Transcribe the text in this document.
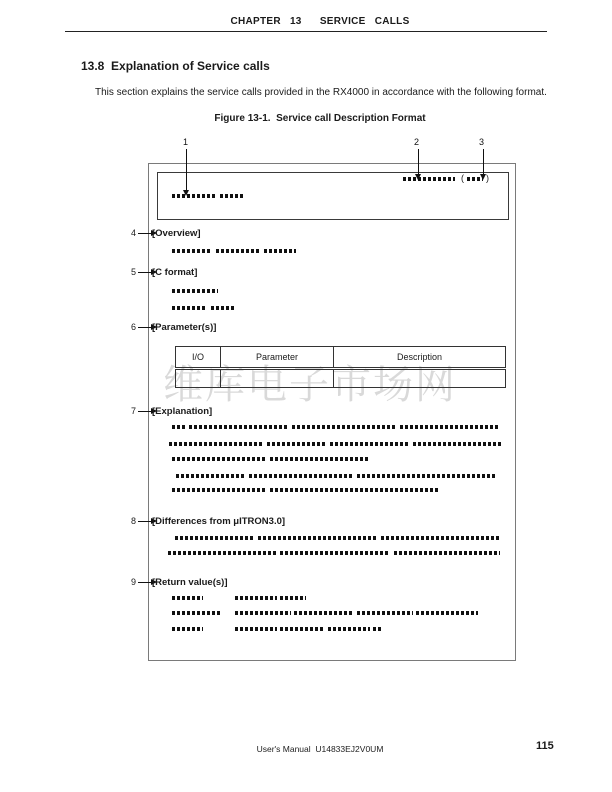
CHAPTER 13  SERVICE CALLS
13.8  Explanation of Service calls
This section explains the service calls provided in the RX4000 in accordance with the following format.
Figure 13-1.  Service call Description Format
维库电子市场网
1	2	3
( )
4 [Overview]
5 [C format]
6 [Parameter(s)]
I/O	Parameter	Description

7 [Explanation]
8 [Differences from μITRON3.0]
9 [Return value(s)]
User's Manual  U14833EJ2V0UM	115
